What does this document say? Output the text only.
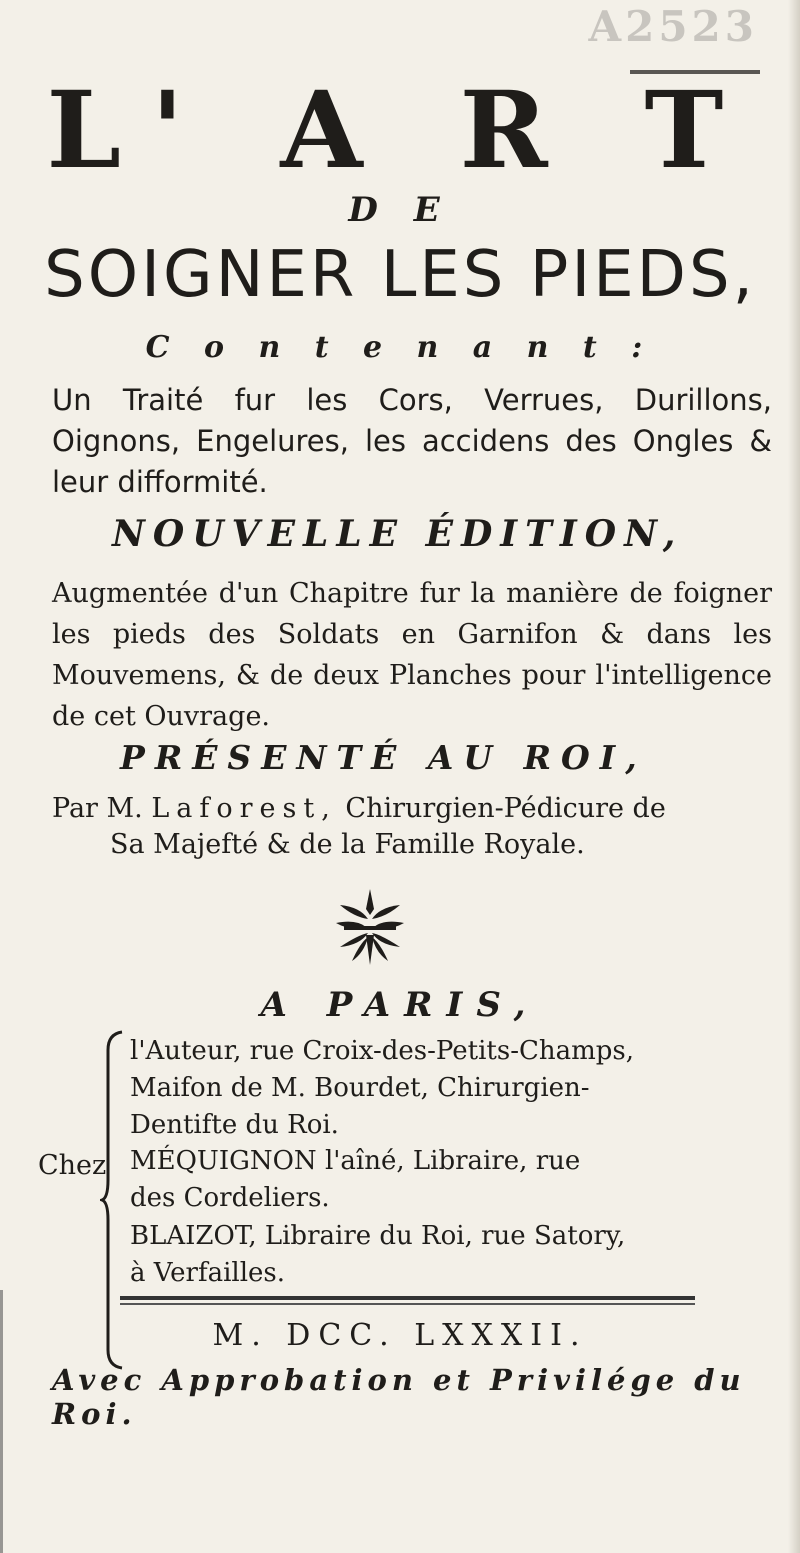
A2523
L' A R T
D E
SOIGNER LES PIEDS,
C o n t e n a n t :
Un Traité fur les Cors, Verrues, Durillons, Oignons, Engelures, les accidens des Ongles & leur difformité.
NOUVELLE ÉDITION,
Augmentée d'un Chapitre fur la manière de foigner les pieds des Soldats en Garnifon & dans les Mouvemens, & de deux Planches pour l'intelligence de cet Ouvrage.
PRÉSENTÉ AU ROI,
Par M. Laforest, Chirurgien-Pédicure de
Sa Majefté & de la Famille Royale.
A PARIS,
Chez
l'Auteur, rue Croix-des-Petits-Champs,
Maifon de M. Bourdet, Chirurgien-
Dentifte du Roi.
MÉQUIGNON l'aîné, Libraire, rue
des Cordeliers.
BLAIZOT, Libraire du Roi, rue Satory,
à Verfailles.
M. DCC. LXXXII.
Avec Approbation et Privilége du Roi.
